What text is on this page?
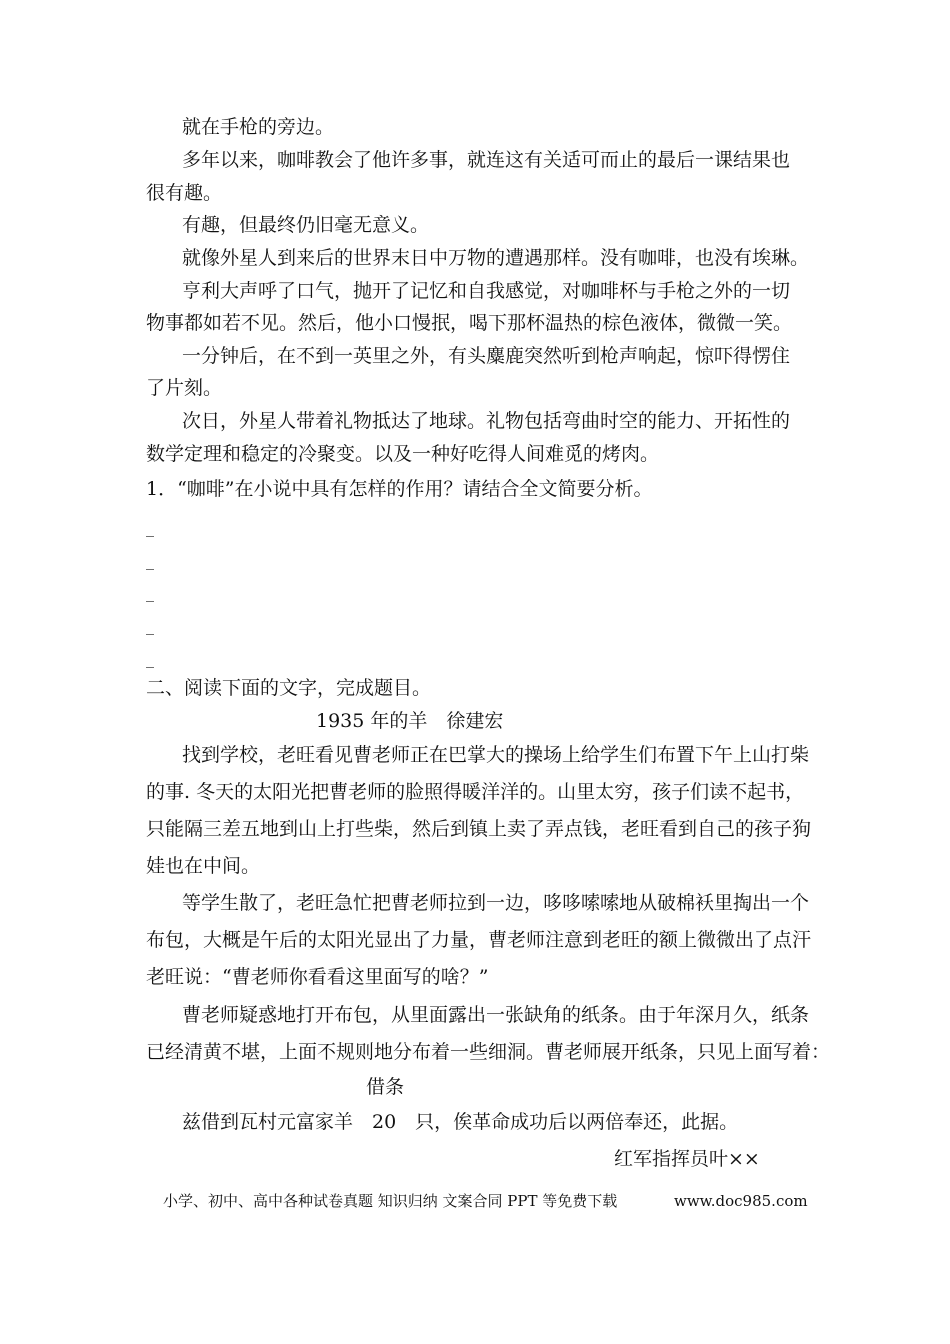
就在手枪的旁边。

多年以来，咖啡教会了他许多事，就连这有关适可而止的最后一课结果也

很有趣。

有趣，但最终仍旧毫无意义。

就像外星人到来后的世界末日中万物的遭遇那样。没有咖啡，也没有埃琳。

亨利大声呼了口气，抛开了记忆和自我感觉，对咖啡杯与手枪之外的一切

物事都如若不见。然后，他小口慢抿，喝下那杯温热的棕色液体，微微一笑。

一分钟后，在不到一英里之外，有头麋鹿突然听到枪声响起，惊吓得愣住

了片刻。

次日，外星人带着礼物抵达了地球。礼物包括弯曲时空的能力、开拓性的

数学定理和稳定的冷聚变。以及一种好吃得人间难觅的烤肉。

1．“咖啡”在小说中具有怎样的作用？请结合全文简要分析。

_
_
_
_
_

二、阅读下面的文字，完成题目。

1935 年的羊　徐建宏

找到学校，老旺看见曹老师正在巴掌大的操场上给学生们布置下午上山打柴

的事. 冬天的太阳光把曹老师的脸照得暖洋洋的。山里太穷，孩子们读不起书，

只能隔三差五地到山上打些柴，然后到镇上卖了弄点钱，老旺看到自己的孩子狗

娃也在中间。

等学生散了，老旺急忙把曹老师拉到一边，哆哆嗦嗦地从破棉袄里掏出一个

布包，大概是午后的太阳光显出了力量，曹老师注意到老旺的额上微微出了点汗

老旺说：“曹老师你看看这里面写的啥？”

曹老师疑惑地打开布包，从里面露出一张缺角的纸条。由于年深月久，纸条

已经清黄不堪，上面不规则地分布着一些细洞。曹老师展开纸条，只见上面写着：

借条

兹借到瓦村元富家羊　20　只，俟革命成功后以两倍奉还，此据。

红军指挥员叶××

小学、初中、高中各种试卷真题 知识归纳 文案合同 PPT 等免费下载	www.doc985.com
